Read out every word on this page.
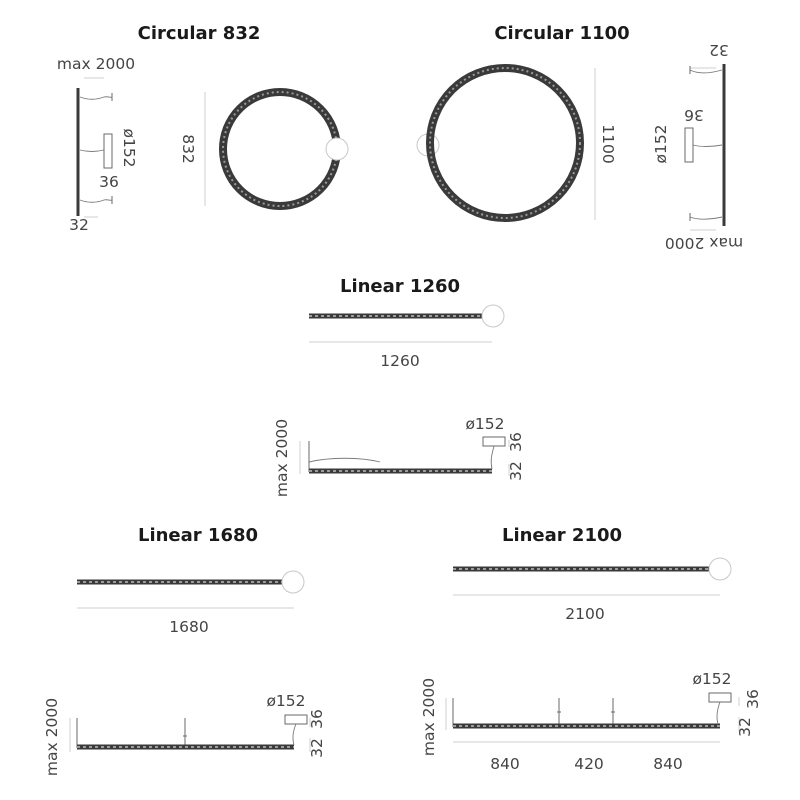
Circular 832
max 2000
ø152
36
32
832
Circular 1100
1100
32
36
ø152
max 2000
Linear 1260
1260
max 2000	ø152
36
32
Linear 1680
1680
max 2000	ø152
36
32
Linear 2100
2100
max 2000	ø152
36
32
840	420	840
